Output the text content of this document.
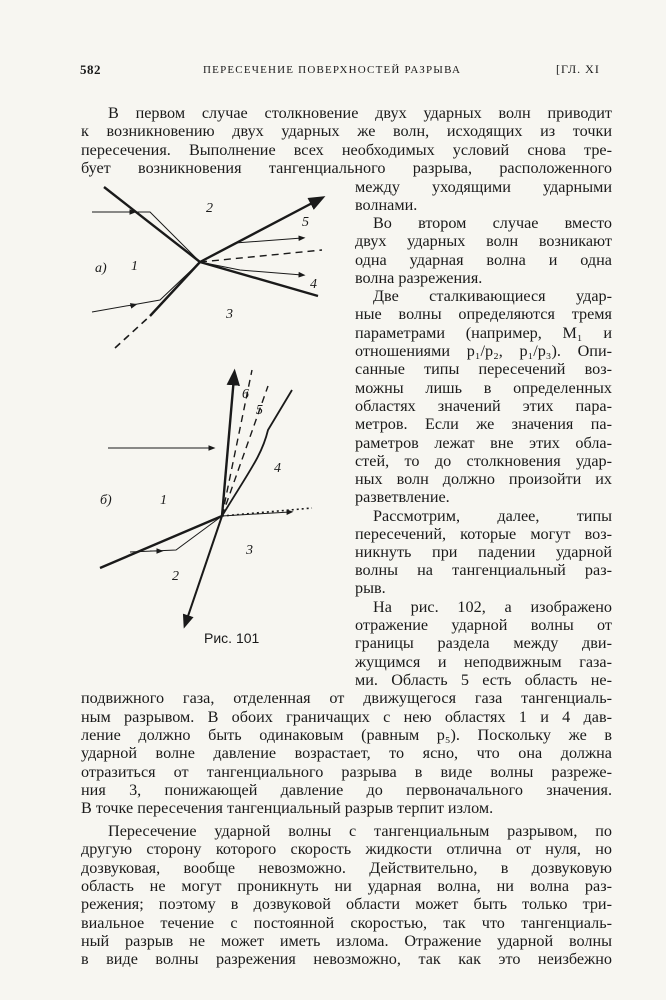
582	ПЕРЕСЕЧЕНИЕ ПОВЕРХНОСТЕЙ РАЗРЫВА	[ГЛ. XI
В первом случае столкновение двух ударных волн приводит
к возникновению двух ударных же волн, исходящих из точки
пересечения. Выполнение всех необходимых условий снова тре-
бует возникновения тангенциального разрыва, расположенного
между уходящими ударными
волнами.
Во втором случае вместо
двух ударных волн возникают
одна ударная волна и одна
волна разрежения.
Две сталкивающиеся удар-
ные волны определяются тремя
параметрами (например, M₁ и
отношениями p₁/p₂, p₁/p₃). Опи-
санные типы пересечений воз-
можны лишь в определенных
областях значений этих пара-
метров. Если же значения па-
раметров лежат вне этих обла-
стей, то до столкновения удар-
ных волн должно произойти их
разветвление.
Рассмотрим, далее, типы
пересечений, которые могут воз-
никнуть при падении ударной
волны на тангенциальный раз-
рыв.
На рис. 102, a изображено
отражение ударной волны от
границы раздела между дви-
жущимся и неподвижным газа-
ми. Область 5 есть область не-
подвижного газа, отделенная от движущегося газа тангенциаль-
ным разрывом. В обоих граничащих с нею областях 1 и 4 дав-
ление должно быть одинаковым (равным p₅). Поскольку же в
ударной волне давление возрастает, то ясно, что она должна
отразиться от тангенциального разрыва в виде волны разреже-
ния 3, понижающей давление до первоначального значения.
В точке пересечения тангенциальный разрыв терпит излом.
Пересечение ударной волны с тангенциальным разрывом, по
другую сторону которого скорость жидкости отлична от нуля, но
дозвуковая, вообще невозможно. Действительно, в дозвуковую
область не могут проникнуть ни ударная волна, ни волна раз-
режения; поэтому в дозвуковой области может быть только три-
виальное течение с постоянной скоростью, так что тангенциаль-
ный разрыв не может иметь излома. Отражение ударной волны
в виде волны разрежения невозможно, так как это неизбежно
а) 1
2
3
4
5
б)	1
2
3
4
5
6
Рис. 101
